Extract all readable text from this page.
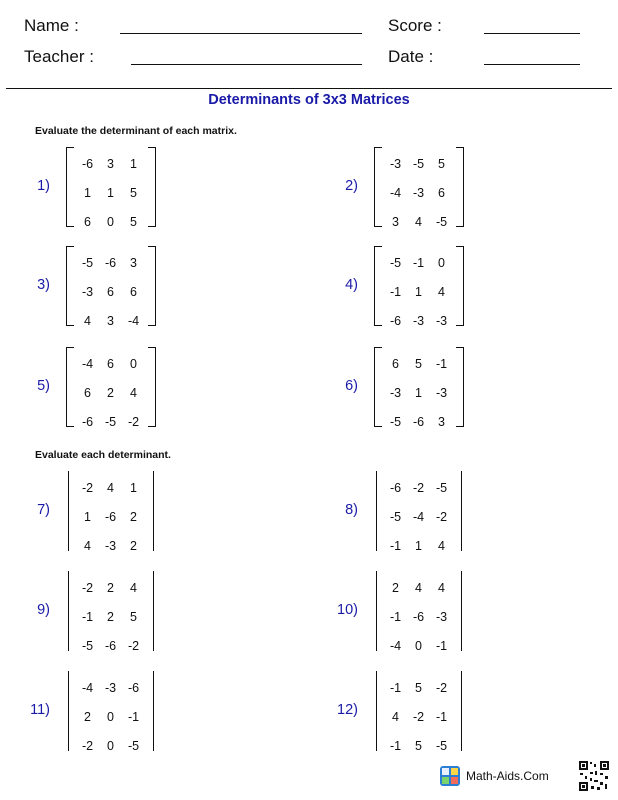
Name :	Score :
Teacher :	Date :
Determinants of 3x3 Matrices
Evaluate the determinant of each matrix.
Evaluate each determinant.
1)
-6	3	1
1	1	5
6	0	5
2)
-3 -5	5
-4 -3	6
3	4	-5
3)
-5 -6	3
-3	6	6
4	3	-4
4)
-5 -1	0
-1	1	4
-6 -3 -3
5)
-4	6	0
6	2	4
-6 -5 -2
6)
6	5	-1
-3	1	-3
-5 -6	3
7)
-2	4	1
1	-6	2
4	-3	2
8)
-6 -2 -5
-5 -4 -2
-1	1	4
9)
-2	2	4
-1	2	5
-5 -6 -2
10)
2	4	4
-1 -6 -3
-4	0	-1
11)
-4 -3 -6
2	0	-1
-2	0	-5
12)
-1	5	-2
4	-2 -1
-1	5	-5
Math-Aids.Com
